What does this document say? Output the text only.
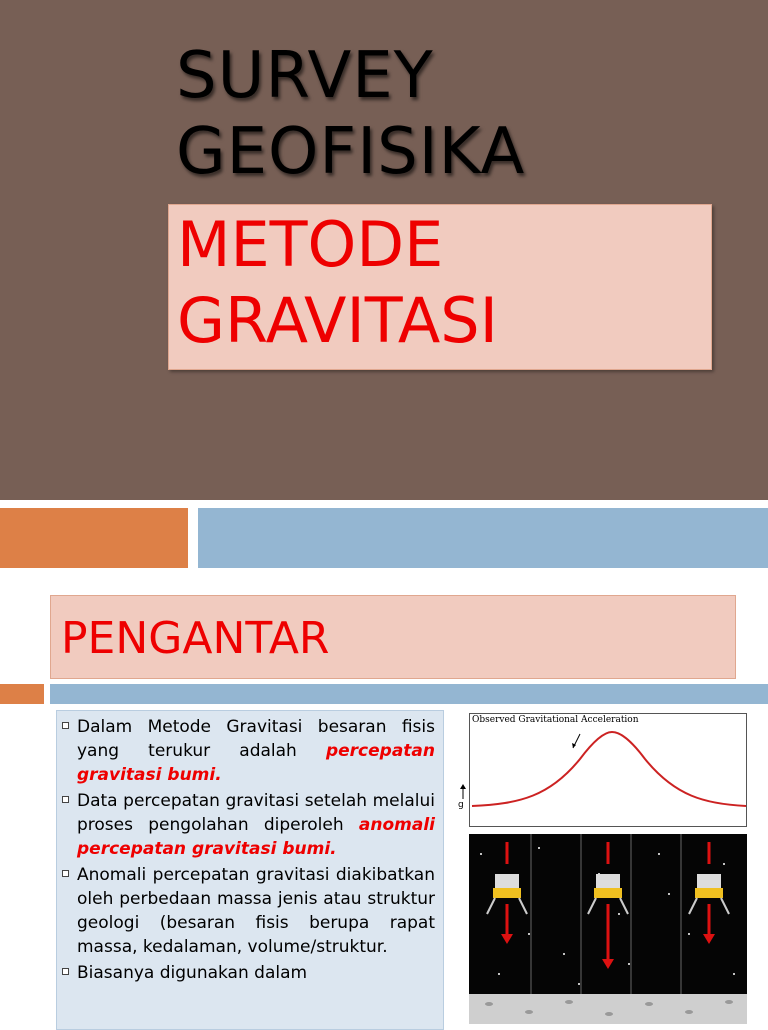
SURVEY
GEOFISIKA
METODE
GRAVITASI
PENGANTAR
Dalam Metode Gravitasi besaran fisis yang terukur adalah percepatan gravitasi bumi.
Data percepatan gravitasi setelah melalui proses pengolahan diperoleh anomali percepatan gravitasi bumi.
Anomali percepatan gravitasi diakibatkan oleh perbedaan massa jenis atau struktur geologi (besaran fisis berupa rapat massa, kedalaman, volume/struktur.
Biasanya digunakan dalam
Observed Gravitational Acceleration
g
